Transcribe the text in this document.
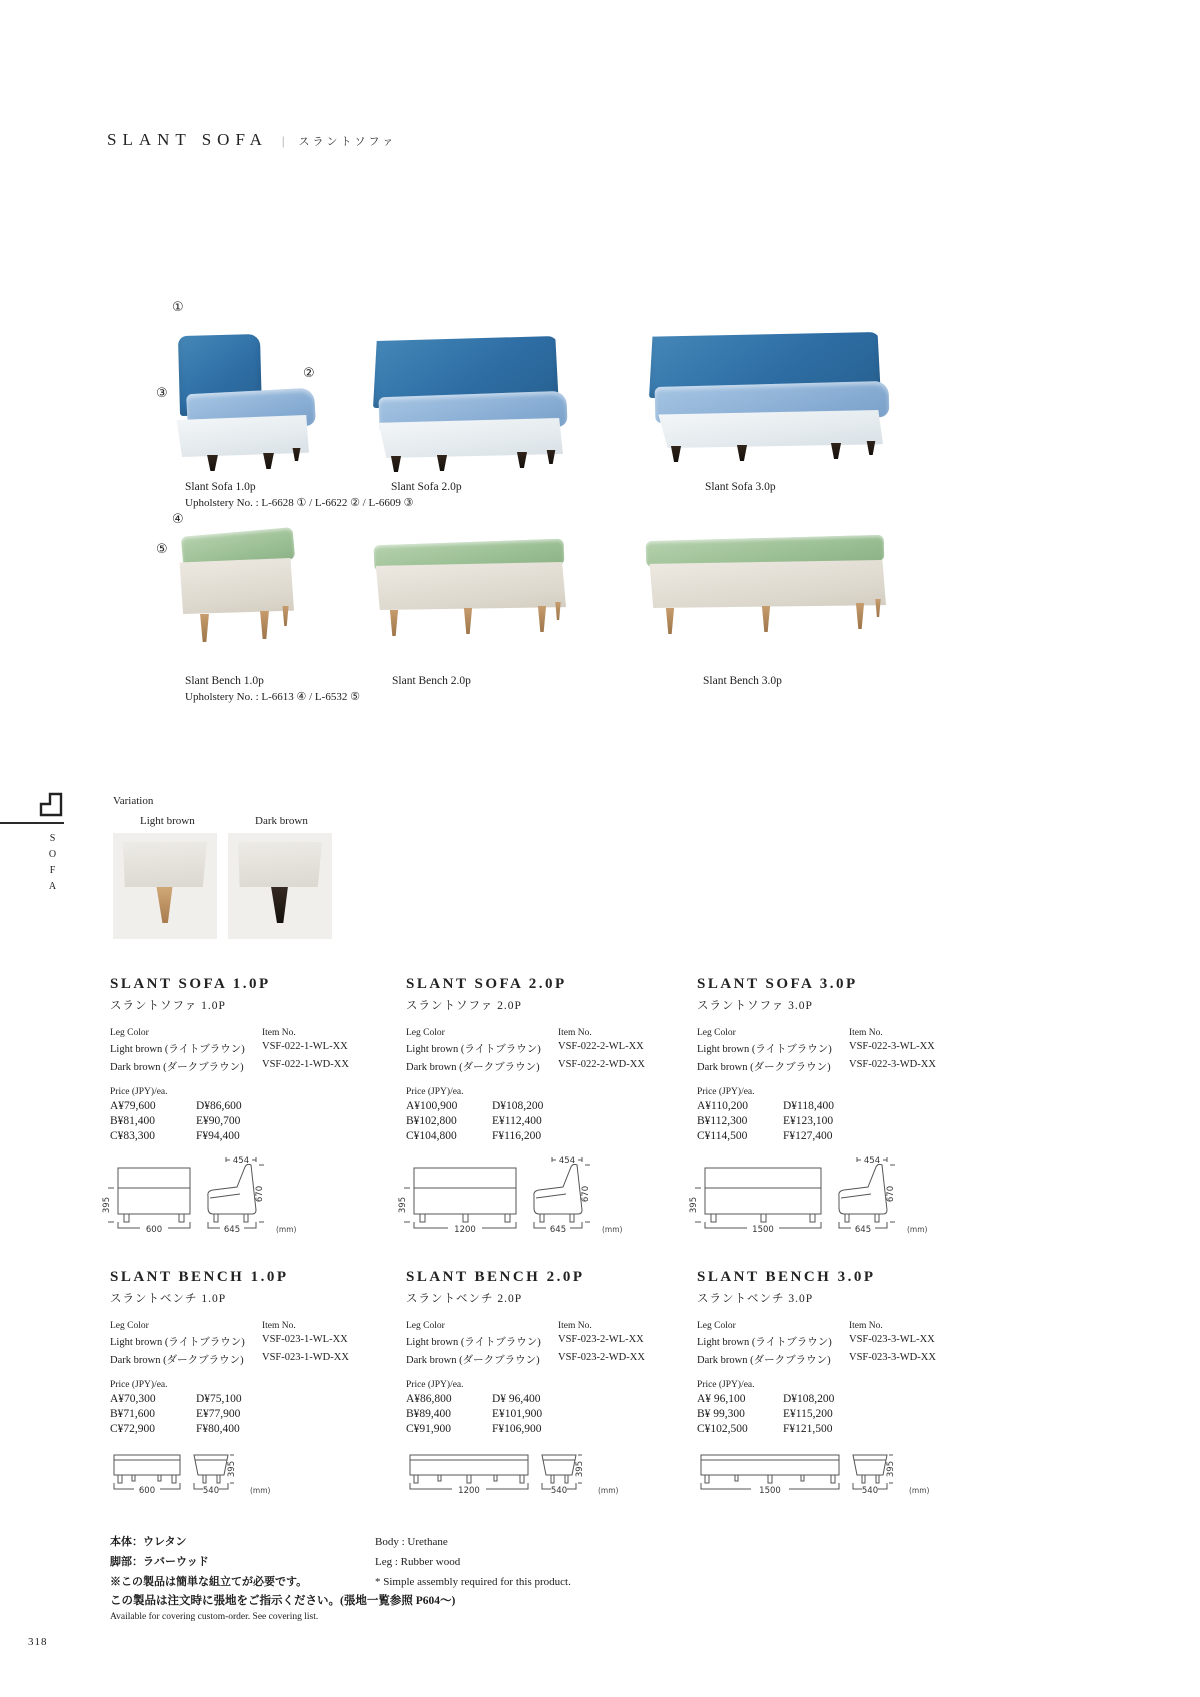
SLANT SOFA | スラントソファ
①
②
③
Slant Sofa 1.0p
Upholstery No. : L-6628 ① / L-6622 ② / L-6609 ③
Slant Sofa 2.0p	Slant Sofa 3.0p
④
⑤
Slant Bench 1.0p
Upholstery No. : L-6613 ④ / L-6532 ⑤
Slant Bench 2.0p	Slant Bench 3.0p
SOFA
Variation
Light brown	Dark brown
SLANT SOFA 1.0P
スラントソファ 1.0P
Leg Color	Item No.
Light brown (ライトブラウン)	VSF-022-1-WL-XX
Dark brown (ダークブラウン)	VSF-022-1-WD-XX
Price (JPY)/ea.
A¥79,600	D¥86,600
B¥81,400	E¥90,700
C¥83,300	F¥94,400
395
600
454
670
645	(mm)
SLANT SOFA 2.0P
スラントソファ 2.0P
Leg Color	Item No.
Light brown (ライトブラウン)	VSF-022-2-WL-XX
Dark brown (ダークブラウン)	VSF-022-2-WD-XX
Price (JPY)/ea.
A¥100,900	D¥108,200
B¥102,800	E¥112,400
C¥104,800	F¥116,200
395
1200
454
670
645	(mm)
SLANT SOFA 3.0P
スラントソファ 3.0P
Leg Color	Item No.
Light brown (ライトブラウン)	VSF-022-3-WL-XX
Dark brown (ダークブラウン)	VSF-022-3-WD-XX
Price (JPY)/ea.
A¥110,200	D¥118,400
B¥112,300	E¥123,100
C¥114,500	F¥127,400
395
1500
454
670
645	(mm)
SLANT BENCH 1.0P
スラントベンチ 1.0P
Leg Color	Item No.
Light brown (ライトブラウン)	VSF-023-1-WL-XX
Dark brown (ダークブラウン)	VSF-023-1-WD-XX
Price (JPY)/ea.
A¥70,300	D¥75,100
B¥71,600	E¥77,900
C¥72,900	F¥80,400
600	540
395
(mm)
SLANT BENCH 2.0P
スラントベンチ 2.0P
Leg Color	Item No.
Light brown (ライトブラウン)	VSF-023-2-WL-XX
Dark brown (ダークブラウン)	VSF-023-2-WD-XX
Price (JPY)/ea.
A¥86,800	D¥ 96,400
B¥89,400	E¥101,900
C¥91,900	F¥106,900
1200	540
395
(mm)
SLANT BENCH 3.0P
スラントベンチ 3.0P
Leg Color	Item No.
Light brown (ライトブラウン)	VSF-023-3-WL-XX
Dark brown (ダークブラウン)	VSF-023-3-WD-XX
Price (JPY)/ea.
A¥ 96,100	D¥108,200
B¥ 99,300	E¥115,200
C¥102,500	F¥121,500
1500	540
395
(mm)
本体：ウレタン
脚部：ラバーウッド
※この製品は簡単な組立てが必要です。
Body : Urethane
Leg : Rubber wood
* Simple assembly required for this product.
この製品は注文時に張地をご指示ください。(張地一覧参照 P604〜)
Available for covering custom-order. See covering list.
318
